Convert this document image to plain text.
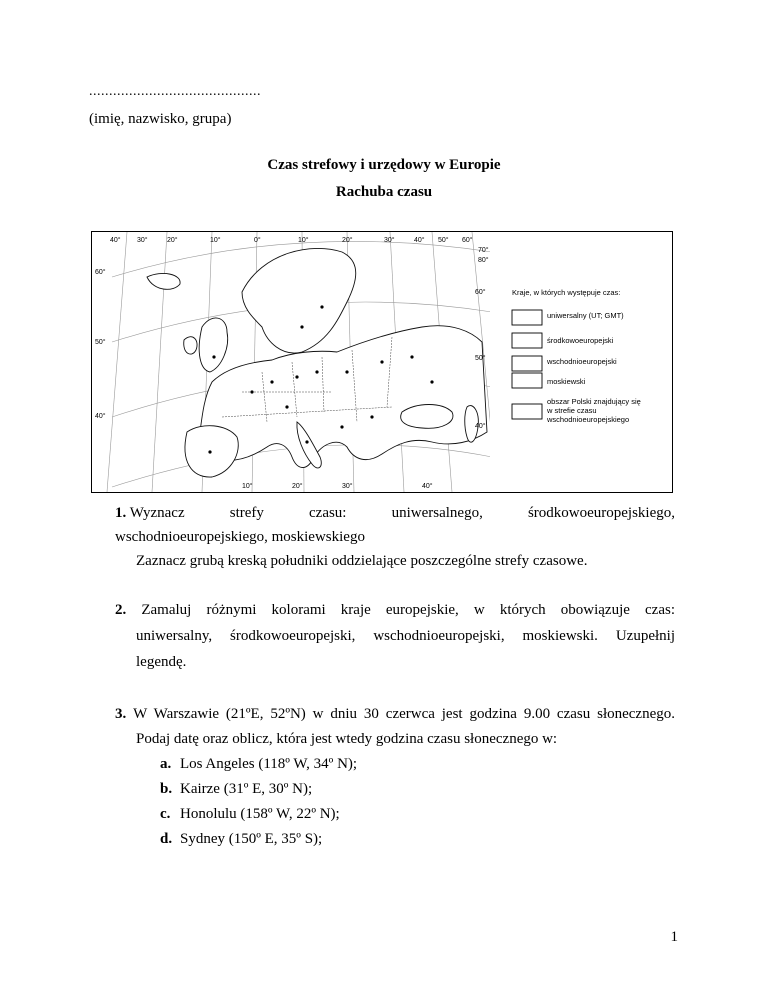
...........................................
(imię, nazwisko, grupa)
Czas strefowy i urzędowy w Europie
Rachuba czasu
40° 30°	20°	10°	0°	10°	20°	30°	40° 50° 60°
70°
80°
60°
50°
40°
60°
50°
40°
10°	20°	30°	40°
Kraje, w których występuje czas:
uniwersalny (UT; GMT)
środkowoeuropejski
wschodnioeuropejski
moskiewski
obszar Polski znajdujący się
w strefie czasu
wschodnioeuropejskiego
1. Wyznacz	strefy	czasu:	uniwersalnego,	środkowoeuropejskiego,
wschodnioeuropejskiego, moskiewskiego
Zaznacz grubą kreską południki oddzielające poszczególne strefy czasowe.
2. Zamaluj różnymi kolorami kraje europejskie, w których obowiązuje czas:
uniwersalny, środkowoeuropejski, wschodnioeuropejski, moskiewski. Uzupełnij
legendę.
3. W Warszawie (21ºE, 52ºN) w dniu 30 czerwca jest godzina 9.00 czasu słonecznego.
Podaj datę oraz oblicz, która jest wtedy godzina czasu słonecznego w:
a. Los Angeles (118º W, 34º N);
b. Kairze (31º E, 30º N);
c. Honolulu (158º W, 22º N);
d. Sydney (150º E, 35º S);
1
